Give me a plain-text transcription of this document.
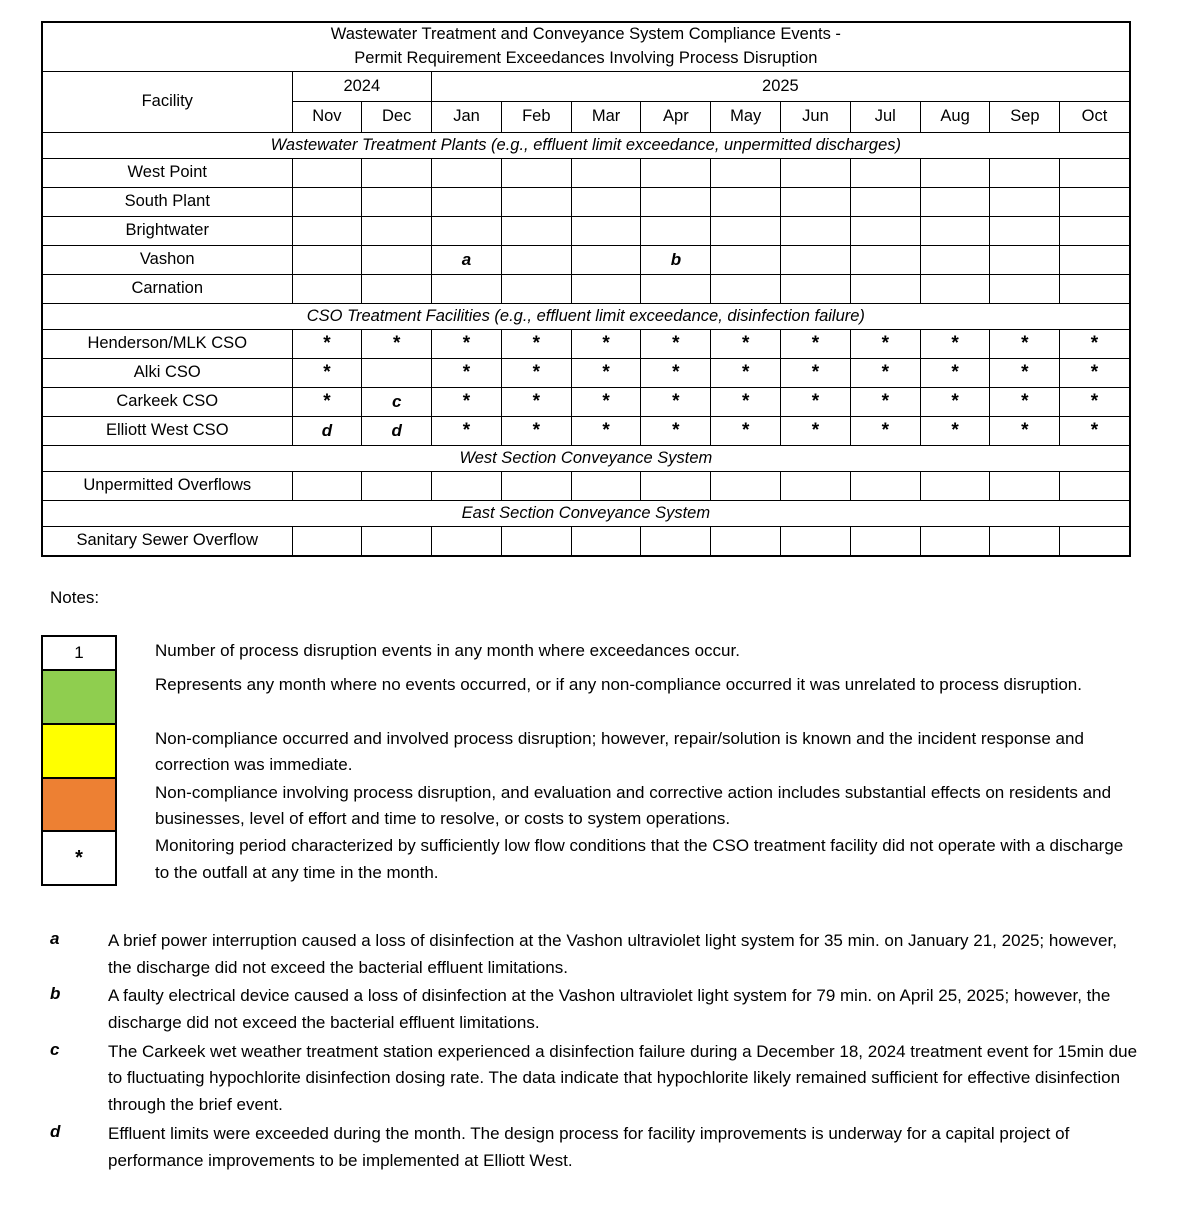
Wastewater Treatment and Conveyance System Compliance Events -
Permit Requirement Exceedances Involving Process Disruption												

Facility	2024		2025									
	Nov	Dec	Jan	Feb	Mar	Apr	May	Jun	Jul	Aug	Sep	Oct
Wastewater Treatment Plants (e.g., effluent limit exceedance, unpermitted discharges)												
West Point												
South Plant												
Brightwater												
Vashon			a			b						
Carnation												
CSO Treatment Facilities (e.g., effluent limit exceedance, disinfection failure)												
Henderson/MLK CSO	*	*	*	*	*	*	*	*	*	*	*	*
Alki CSO	*		*	*	*	*	*	*	*	*	*	*
Carkeek CSO	*	c	*	*	*	*	*	*	*	*	*	*
Elliott West CSO	d	d	*	*	*	*	*	*	*	*	*	*
West Section Conveyance System												
Unpermitted Overflows												
East Section Conveyance System												
Sanitary Sewer Overflow												
Notes:
1	Number of process disruption events in any month where exceedances occur.
Represents any month where no events occurred, or if any non-compliance occurred it was unrelated to process disruption.
Non-compliance occurred and involved process disruption; however, repair/solution is known and the incident response and correction was immediate.
Non-compliance involving process disruption, and evaluation and corrective action includes substantial effects on residents and businesses, level of effort and time to resolve, or costs to system operations.
*
Monitoring period characterized by sufficiently low flow conditions that the CSO treatment facility did not operate with a discharge to the outfall at any time in the month.
a	A brief power interruption caused a loss of disinfection at the Vashon ultraviolet light system for 35 min. on January 21, 2025; however, the discharge did not exceed the bacterial effluent limitations.
b	A faulty electrical device caused a loss of disinfection at the Vashon ultraviolet light system for 79 min. on April 25, 2025; however, the discharge did not exceed the bacterial effluent limitations.
c	The Carkeek wet weather treatment station experienced a disinfection failure during a December 18, 2024 treatment event for 15min due to fluctuating hypochlorite disinfection dosing rate. The data indicate that hypochlorite likely remained sufficient for effective disinfection through the brief event.
d	Effluent limits were exceeded during the month. The design process for facility improvements is underway for a capital project of performance improvements to be implemented at Elliott West.
